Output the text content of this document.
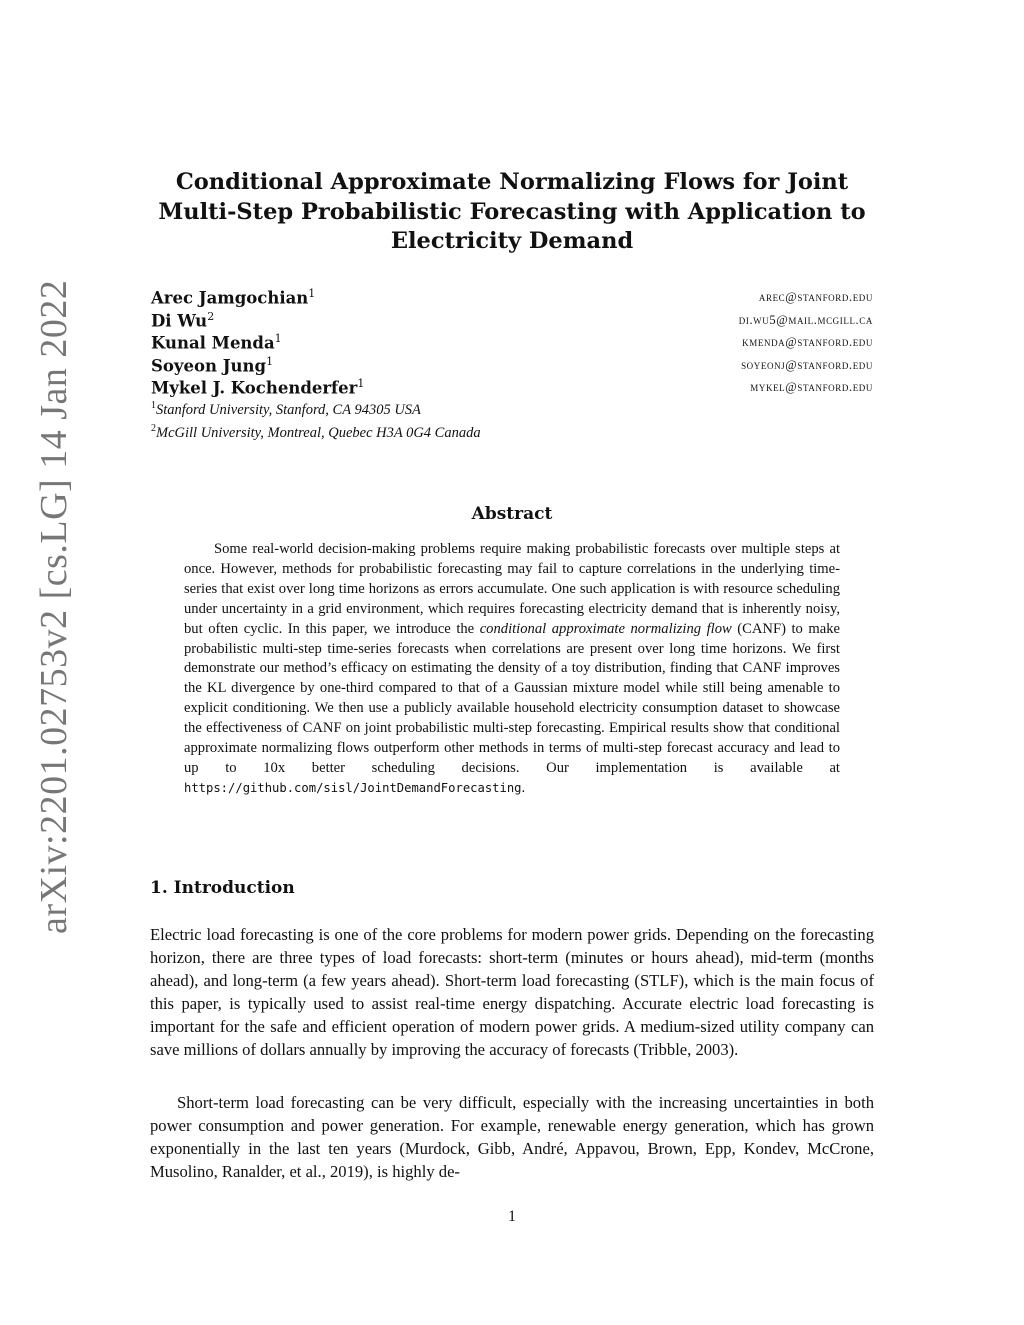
arXiv:2201.02753v2 [cs.LG] 14 Jan 2022
Conditional Approximate Normalizing Flows for Joint Multi-Step Probabilistic Forecasting with Application to Electricity Demand
Arec Jamgochian$^1$	arec@stanford.edu
Di Wu$^2$	di.wu5@mail.mcgill.ca
Kunal Menda$^1$	kmenda@stanford.edu
Soyeon Jung$^1$	soyeonj@stanford.edu
Mykel J. Kochenderfer$^1$	mykel@stanford.edu
$^1$Stanford University, Stanford, CA 94305 USA
$^2$McGill University, Montreal, Quebec H3A 0G4 Canada
Abstract
Some real-world decision-making problems require making probabilistic forecasts over multiple steps at once. However, methods for probabilistic forecasting may fail to capture correlations in the underlying time-series that exist over long time horizons as errors accumulate. One such application is with resource scheduling under uncertainty in a grid environment, which requires forecasting electricity demand that is inherently noisy, but often cyclic. In this paper, we introduce the conditional approximate normalizing flow (CANF) to make probabilistic multi-step time-series forecasts when correlations are present over long time horizons. We first demonstrate our method’s efficacy on estimating the density of a toy distribution, finding that CANF improves the KL divergence by one-third compared to that of a Gaussian mixture model while still being amenable to explicit conditioning. We then use a publicly available household electricity consumption dataset to showcase the effectiveness of CANF on joint probabilistic multi-step forecasting. Empirical results show that conditional approximate normalizing flows outperform other methods in terms of multi-step forecast accuracy and lead to up to 10x better scheduling decisions. Our implementation is available at https://github.com/sisl/JointDemandForecasting.
1. Introduction
Electric load forecasting is one of the core problems for modern power grids. Depending on the forecasting horizon, there are three types of load forecasts: short-term (minutes or hours ahead), mid-term (months ahead), and long-term (a few years ahead). Short-term load forecasting (STLF), which is the main focus of this paper, is typically used to assist real-time energy dispatching. Accurate electric load forecasting is important for the safe and efficient operation of modern power grids. A medium-sized utility company can save millions of dollars annually by improving the accuracy of forecasts (Tribble, 2003).
Short-term load forecasting can be very difficult, especially with the increasing uncertainties in both power consumption and power generation. For example, renewable energy generation, which has grown exponentially in the last ten years (Murdock, Gibb, André, Appavou, Brown, Epp, Kondev, McCrone, Musolino, Ranalder, et al., 2019), is highly de-
1
